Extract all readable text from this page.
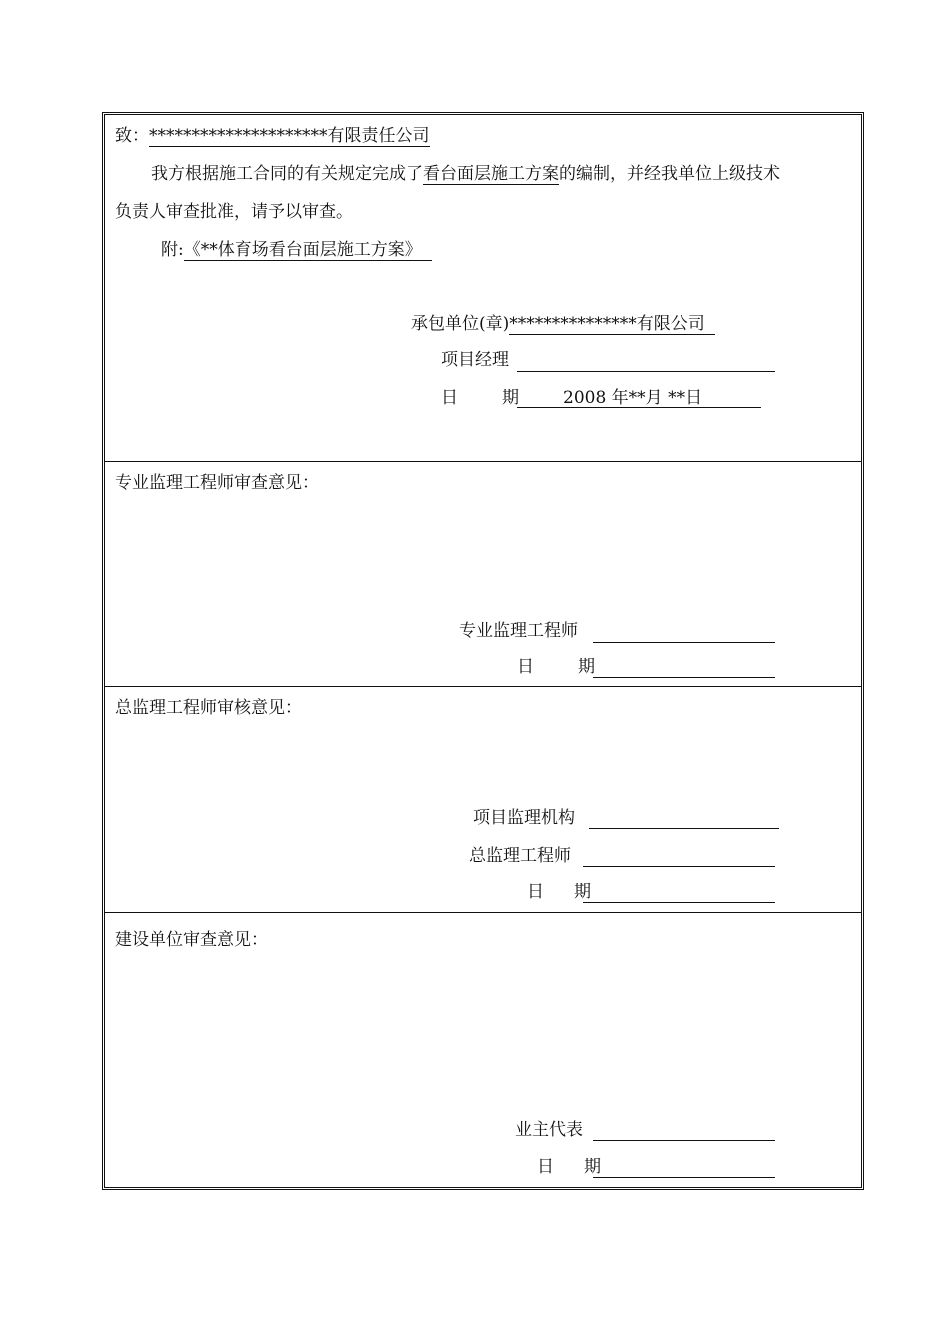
致：*********************有限责任公司
我方根据施工合同的有关规定完成了看台面层施工方案的编制，并经我单位上级技术
负责人审查批准，请予以审查。
附:《**体育场看台面层施工方案》
承包单位(章)***************有限公司
项目经理
日	期	2008 年**月 **日
专业监理工程师审查意见：
专业监理工程师
日	期
总监理工程师审核意见：
项目监理机构
总监理工程师
日 期
建设单位审查意见：
业主代表
日 期
